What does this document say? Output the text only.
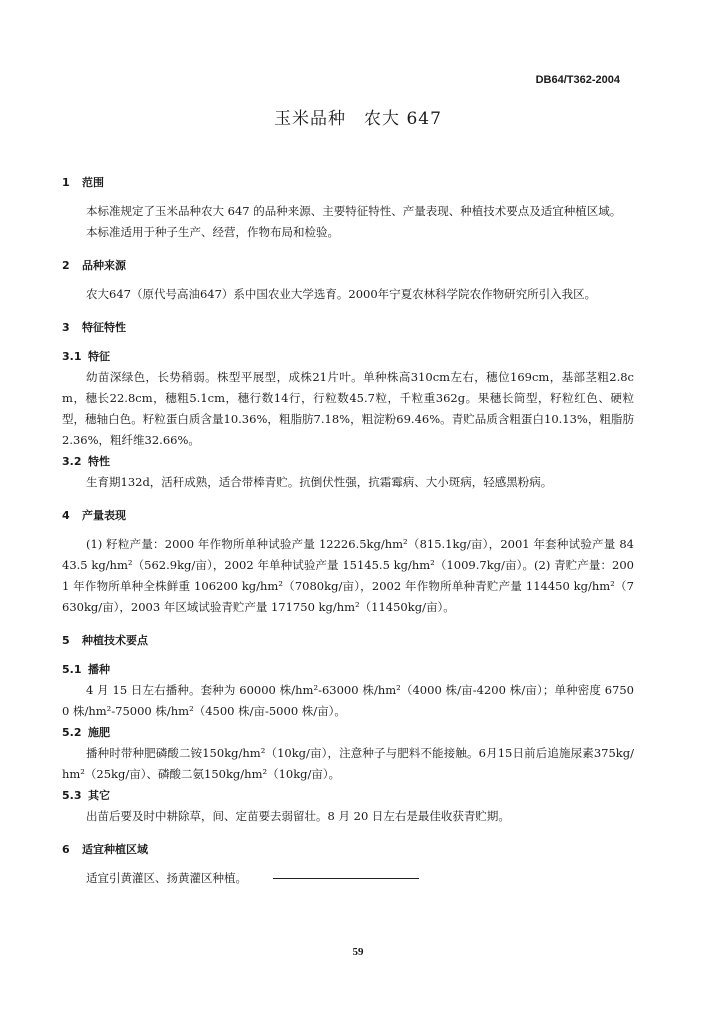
DB64/T362-2004
玉米品种　农大 647
1 范围

本标准规定了玉米品种农大 647 的品种来源、主要特征特性、产量表现、种植技术要点及适宜种植区域。

本标准适用于种子生产、经营，作物布局和检验。

2 品种来源

农大647（原代号高油647）系中国农业大学选育。2000年宁夏农林科学院农作物研究所引入我区。

3 特征特性
3.1 特征

幼苗深绿色，长势稍弱。株型平展型，成株21片叶。单种株高310cm左右，穗位169cm，基部茎粗2.8cm，穗长22.8cm，穗粗5.1cm，穗行数14行，行粒数45.7粒，千粒重362g。果穗长筒型，籽粒红色、硬粒型，穗轴白色。籽粒蛋白质含量10.36%，粗脂肪7.18%，粗淀粉69.46%。青贮品质含粗蛋白10.13%，粗脂肪2.36%，粗纤维32.66%。

3.2 特性

生育期132d，活秆成熟，适合带棒青贮。抗倒伏性强，抗霜霉病、大小斑病，轻感黑粉病。

4 产量表现

(1) 籽粒产量：2000 年作物所单种试验产量 12226.5kg/hm²（815.1kg/亩），2001 年套种试验产量 8443.5 kg/hm²（562.9kg/亩），2002 年单种试验产量 15145.5 kg/hm²（1009.7kg/亩）。(2) 青贮产量：2001 年作物所单种全株鲜重 106200 kg/hm²（7080kg/亩），2002 年作物所单种青贮产量 114450 kg/hm²（7630kg/亩），2003 年区域试验青贮产量 171750 kg/hm²（11450kg/亩）。

5 种植技术要点
5.1 播种

4 月 15 日左右播种。套种为 60000 株/hm²-63000 株/hm²（4000 株/亩-4200 株/亩）；单种密度 67500 株/hm²-75000 株/hm²（4500 株/亩-5000 株/亩）。

5.2 施肥

播种时带种肥磷酸二铵150kg/hm²（10kg/亩），注意种子与肥料不能接触。6月15日前后追施尿素375kg/hm²（25kg/亩）、磷酸二氨150kg/hm²（10kg/亩）。

5.3 其它

出苗后要及时中耕除草，间、定苗要去弱留壮。8 月 20 日左右是最佳收获青贮期。

6 适宜种植区域

适宜引黄灌区、扬黄灌区种植。

59
